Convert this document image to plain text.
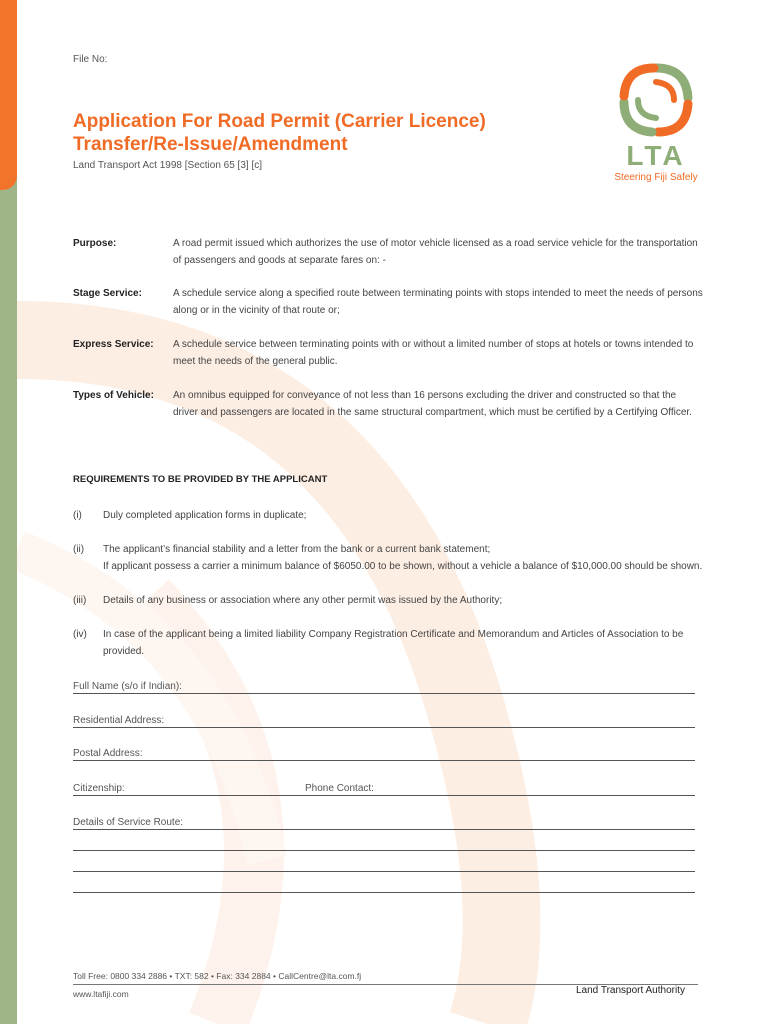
File No:
Application For Road Permit (Carrier Licence)
Transfer/Re-Issue/Amendment
Land Transport Act 1998 [Section 65 [3] [c]	LTA
Steering Fiji Safely
Purpose:	A road permit issued which authorizes the use of motor vehicle licensed as a road service vehicle for the transportation of passengers and goods at separate fares on: -
Stage Service:	A schedule service along a specified route between terminating points with stops intended to meet the needs of persons along or in the vicinity of that route or;
Express Service:	A schedule service between terminating points with or without a limited number of stops at hotels or towns intended to meet the needs of the general public.
Types of Vehicle:	An omnibus equipped for conveyance of not less than 16 persons excluding the driver and constructed so that the driver and passengers are located in the same structural compartment, which must be certified by a Certifying Officer.
REQUIREMENTS TO BE PROVIDED BY THE APPLICANT
(i)	Duly completed application forms in duplicate;
(ii)	The applicant’s financial stability and a letter from the bank or a current bank statement;
If applicant possess a carrier a minimum balance of $6050.00 to be shown, without a vehicle a balance of $10,000.00 should be shown.
(iii)	Details of any business or association where any other permit was issued by the Authority;
(iv)	In case of the applicant being a limited liability Company Registration Certificate and Memorandum and Articles of Association to be provided.
Full Name (s/o if Indian):
Residential Address:
Postal Address:
Citizenship:	Phone Contact:
Details of Service Route:
Toll Free: 0800 334 2886 • TXT: 582 • Fax: 334 2884 • CallCentre@lta.com.fj
www.ltafiji.com	Land Transport Authority
